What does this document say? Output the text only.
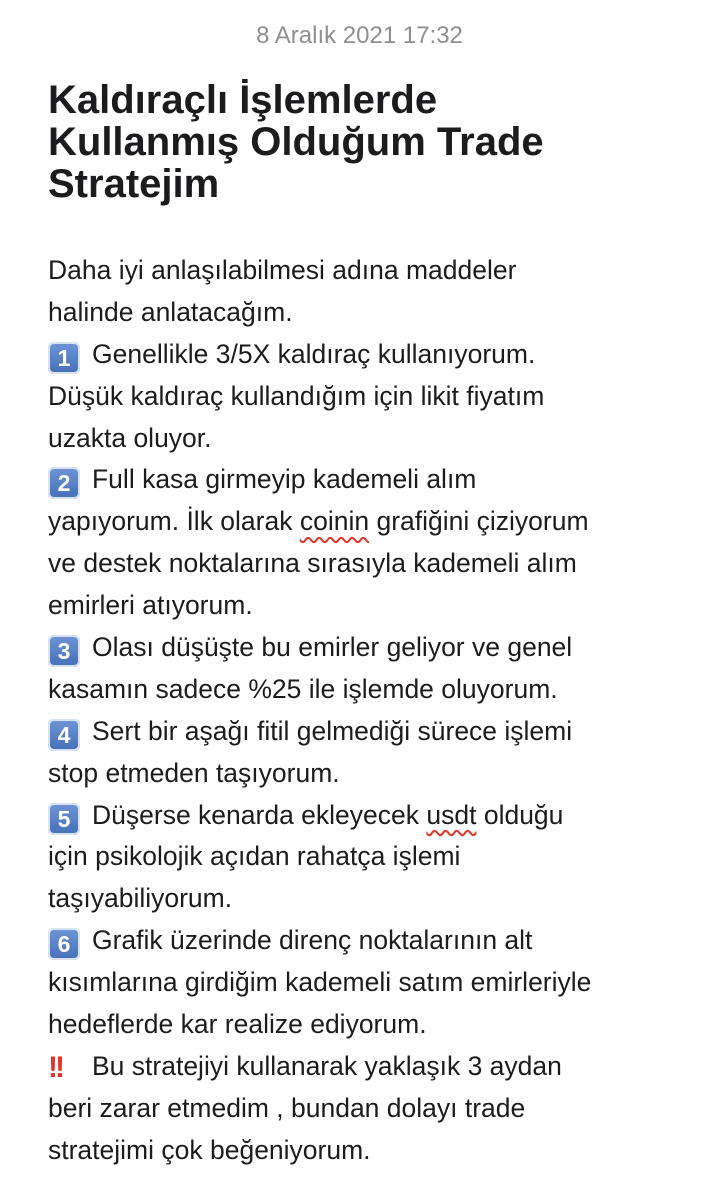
8 Aralık 2021 17:32
Kaldıraçlı İşlemlerde
Kullanmış Olduğum Trade
Stratejim
Daha iyi anlaşılabilmesi adına maddeler
halinde anlatacağım.
1 Genellikle 3/5X kaldıraç kullanıyorum.
Düşük kaldıraç kullandığım için likit fiyatım
uzakta oluyor.
2 Full kasa girmeyip kademeli alım
yapıyorum. İlk olarak coinin grafiğini çiziyorum
ve destek noktalarına sırasıyla kademeli alım
emirleri atıyorum.
3 Olası düşüşte bu emirler geliyor ve genel
kasamın sadece %25 ile işlemde oluyorum.
4 Sert bir aşağı fitil gelmediği sürece işlemi
stop etmeden taşıyorum.
5 Düşerse kenarda ekleyecek usdt olduğu
için psikolojik açıdan rahatça işlemi
taşıyabiliyorum.
6 Grafik üzerinde direnç noktalarının alt
kısımlarına girdiğim kademeli satım emirleriyle
hedeflerde kar realize ediyorum.
!! Bu stratejiyi kullanarak yaklaşık 3 aydan
beri zarar etmedim , bundan dolayı trade
stratejimi çok beğeniyorum.
